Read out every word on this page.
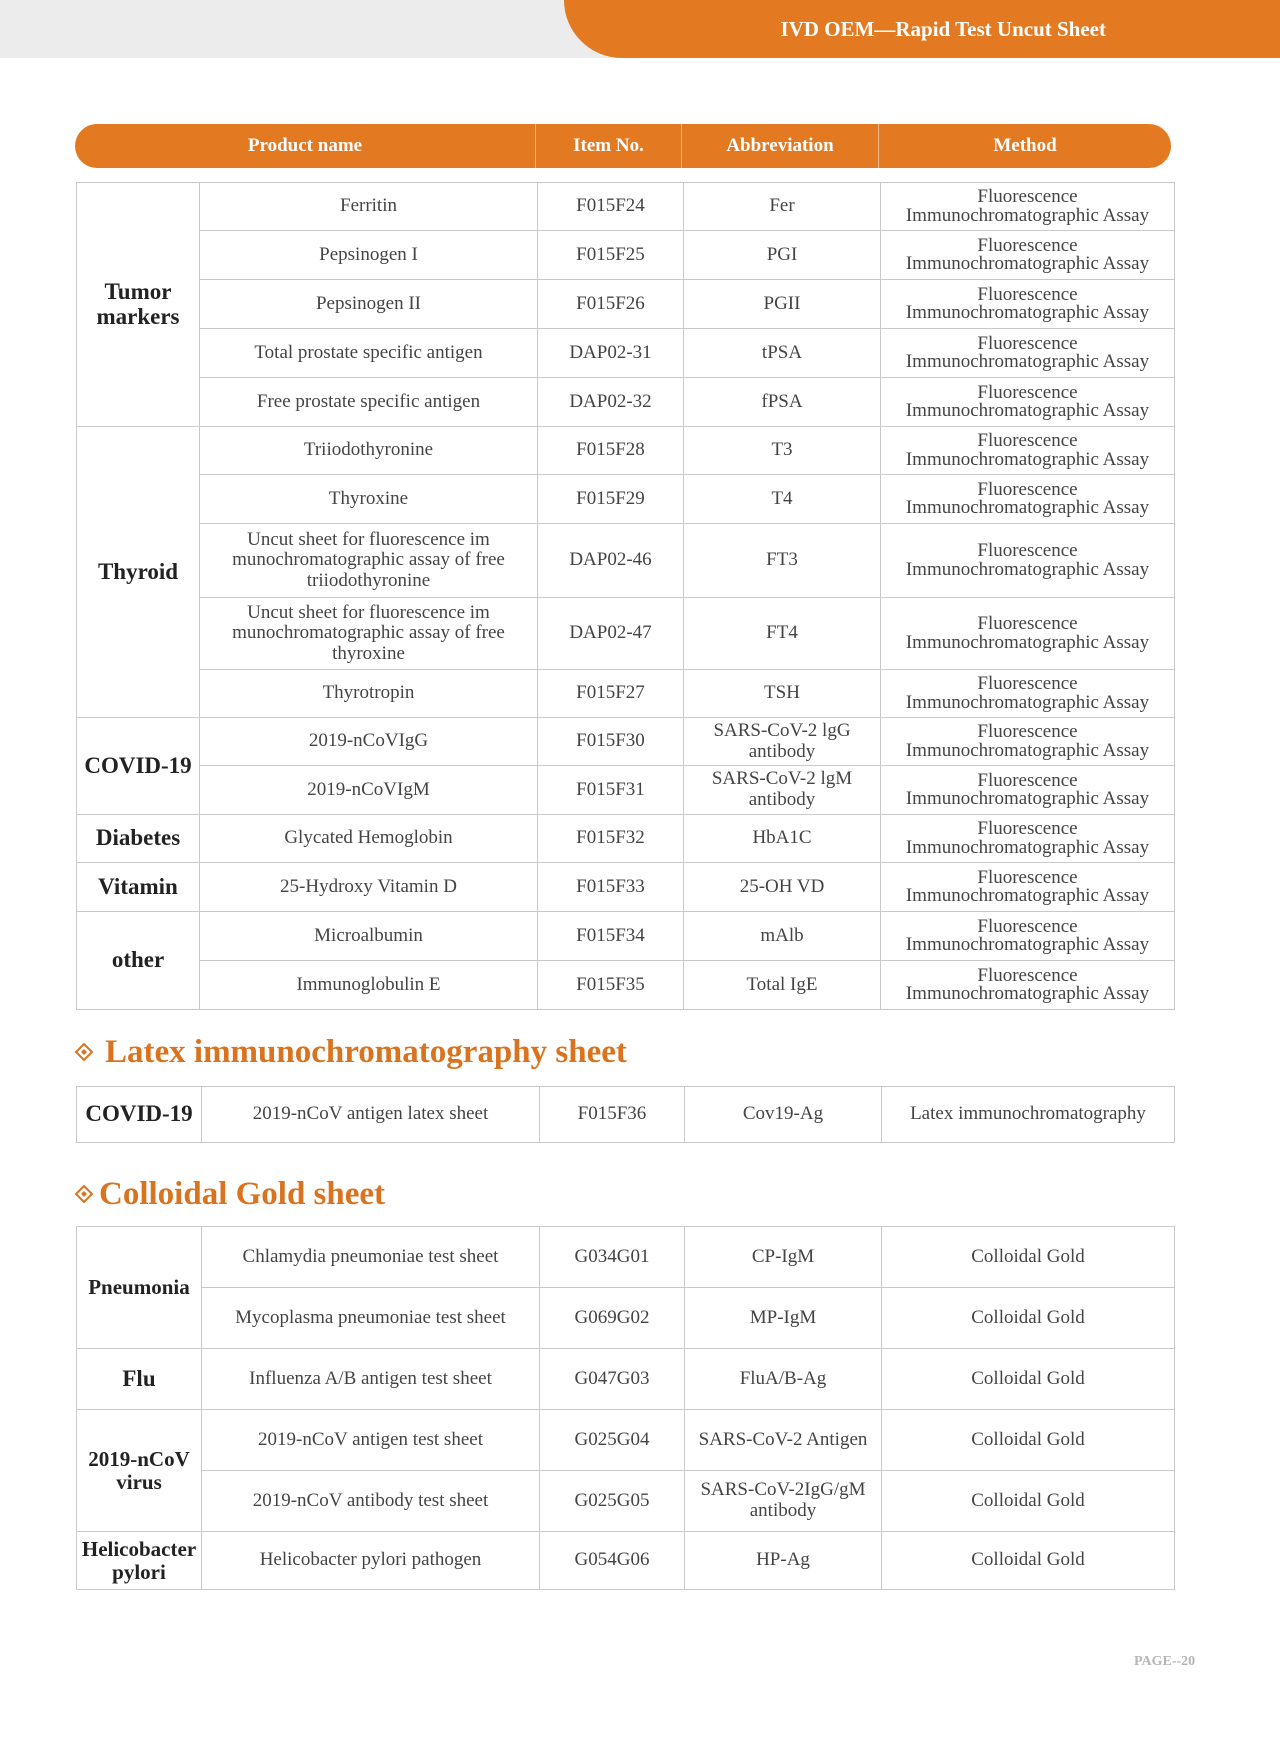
IVD OEM—Rapid Test Uncut Sheet
Product name	Item No.	Abbreviation	Method
Tumor markers	Ferritin	F015F24	Fer	Fluorescence Immunochromatographic Assay
	Pepsinogen I	F015F25	PGI	Fluorescence Immunochromatographic Assay
	Pepsinogen II	F015F26	PGII	Fluorescence Immunochromatographic Assay
	Total prostate specific antigen	DAP02-31	tPSA	Fluorescence Immunochromatographic Assay
	Free prostate specific antigen	DAP02-32	fPSA	Fluorescence Immunochromatographic Assay
Thyroid	Triiodothyronine	F015F28	T3	Fluorescence Immunochromatographic Assay
	Thyroxine	F015F29	T4	Fluorescence Immunochromatographic Assay
	Uncut sheet for fluorescence im munochromatographic assay of free triiodothyronine	DAP02-46	FT3	Fluorescence Immunochromatographic Assay
	Uncut sheet for fluorescence im munochromatographic assay of free thyroxine	DAP02-47	FT4	Fluorescence Immunochromatographic Assay
	Thyrotropin	F015F27	TSH	Fluorescence Immunochromatographic Assay
COVID-19	2019-nCoVIgG	F015F30	SARS-CoV-2 lgG antibody	Fluorescence Immunochromatographic Assay
	2019-nCoVIgM	F015F31	SARS-CoV-2 lgM antibody	Fluorescence Immunochromatographic Assay
Diabetes	Glycated Hemoglobin	F015F32	HbA1C	Fluorescence Immunochromatographic Assay
Vitamin	25-Hydroxy Vitamin D	F015F33	25-OH VD	Fluorescence Immunochromatographic Assay
other	Microalbumin	F015F34	mAlb	Fluorescence Immunochromatographic Assay
	Immunoglobulin E	F015F35	Total IgE	Fluorescence Immunochromatographic Assay
Latex immunochromatography sheet
COVID-19	2019-nCoV antigen latex sheet	F015F36	Cov19-Ag	Latex immunochromatography
Colloidal Gold sheet
Pneumonia	Chlamydia pneumoniae test sheet	G034G01	CP-IgM	Colloidal Gold
	Mycoplasma pneumoniae test sheet	G069G02	MP-IgM	Colloidal Gold
Flu	Influenza A/B antigen test sheet	G047G03	FluA/B-Ag	Colloidal Gold
2019-nCoV virus	2019-nCoV antigen test sheet	G025G04	SARS-CoV-2 Antigen	Colloidal Gold
	2019-nCoV antibody test sheet	G025G05	SARS-CoV-2IgG/gM antibody	Colloidal Gold
Helicobacter pylori	Helicobacter pylori pathogen	G054G06	HP-Ag	Colloidal Gold
PAGE--20
